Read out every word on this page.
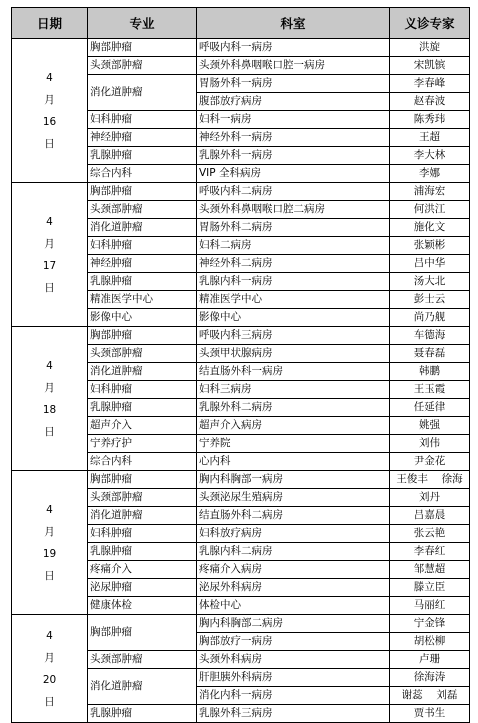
日期	专业	科室	义诊专家

4
月
16
日	胸部肿瘤	呼吸内科一病房	洪旋
	头颈部肿瘤	头颈外科鼻咽喉口腔一病房	宋凯镔
	消化道肿瘤	胃肠外科一病房	李春峰
		腹部放疗病房	赵春波
	妇科肿瘤	妇科一病房	陈秀玮
	神经肿瘤	神经外科一病房	王超
	乳腺肿瘤	乳腺外科一病房	李大林
	综合内科	VIP 全科病房	李娜

4
月
17
日	胸部肿瘤	呼吸内科二病房	浦海宏
	头颈部肿瘤	头颈外科鼻咽喉口腔二病房	何洪江
	消化道肿瘤	胃肠外科二病房	施化文
	妇科肿瘤	妇科二病房	张颖彬
	神经肿瘤	神经外科二病房	吕中华
	乳腺肿瘤	乳腺内科一病房	汤大北
	精准医学中心	精准医学中心	彭士云
	影像中心	影像中心	尚乃舰

4
月
18
日	胸部肿瘤	呼吸内科三病房	车德海
	头颈部肿瘤	头颈甲状腺病房	聂春磊
	消化道肿瘤	结直肠外科一病房	韩鹏
	妇科肿瘤	妇科三病房	王玉霞
	乳腺肿瘤	乳腺外科二病房	任延律
	超声介入	超声介入病房	姚强
	宁养疗护	宁养院	刘伟
	综合内科	心内科	尹金花

4
月
19
日	胸部肿瘤	胸内科胸部一病房	王俊丰　 徐海
	头颈部肿瘤	头颈泌尿生殖病房	刘丹
	消化道肿瘤	结直肠外科二病房	吕嘉晨
	妇科肿瘤	妇科放疗病房	张云艳
	乳腺肿瘤	乳腺内科二病房	李春红
	疼痛介入	疼痛介入病房	邹慧超
	泌尿肿瘤	泌尿外科病房	滕立臣
	健康体检	体检中心	马丽红

4
月
20
日	胸部肿瘤	胸内科胸部二病房	宁金锋
		胸部放疗一病房	胡松柳
	头颈部肿瘤	头颈外科病房	卢珊
	消化道肿瘤	肝胆胰外科病房	徐海涛
		消化内科一病房	谢蕊　 刘磊
	乳腺肿瘤	乳腺外科三病房	贾书生
